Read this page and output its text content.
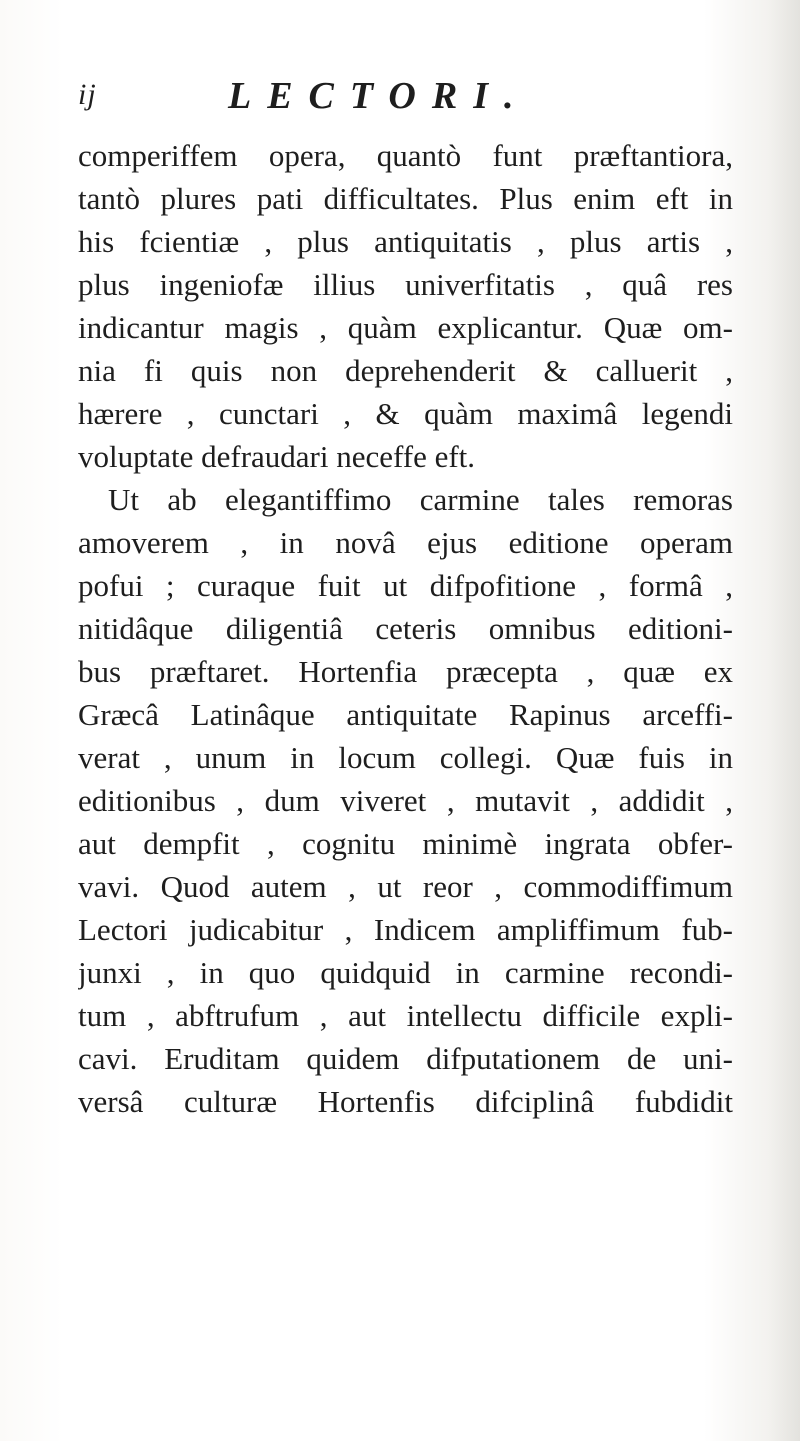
ij	LECTORI.
comperiffem opera, quantò funt præftantiora,
tantò plures pati difficultates. Plus enim eft in
his fcientiæ , plus antiquitatis , plus artis ,
plus ingeniofæ illius univerfitatis , quâ res
indicantur magis , quàm explicantur. Quæ om-
nia fi quis non deprehenderit & calluerit ,
hærere , cunctari , & quàm maximâ legendi
voluptate defraudari neceffe eft.
Ut ab elegantiffimo carmine tales remoras
amoverem , in novâ ejus editione operam
pofui ; curaque fuit ut difpofitione , formâ ,
nitidâque diligentiâ ceteris omnibus editioni-
bus præftaret. Hortenfia præcepta , quæ ex
Græcâ Latinâque antiquitate Rapinus arceffi-
verat , unum in locum collegi. Quæ fuis in
editionibus , dum viveret , mutavit , addidit ,
aut dempfit , cognitu minimè ingrata obfer-
vavi. Quod autem , ut reor , commodiffimum
Lectori judicabitur , Indicem ampliffimum fub-
junxi , in quo quidquid in carmine recondi-
tum , abftrufum , aut intellectu difficile expli-
cavi. Eruditam quidem difputationem de uni-
versâ culturæ Hortenfis difciplinâ fubdidit
